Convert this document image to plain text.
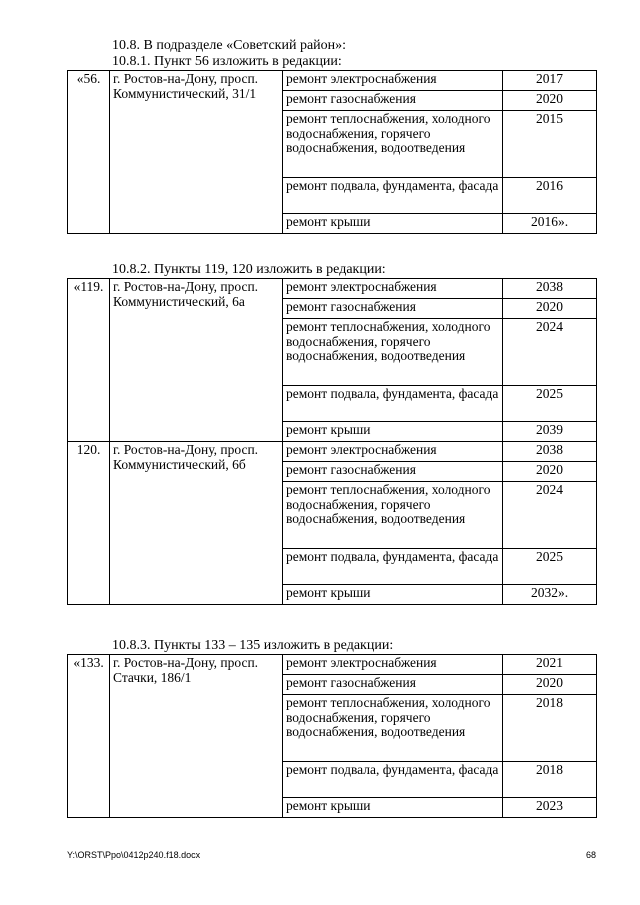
10.8. В подразделе «Советский район»:
10.8.1. Пункт 56 изложить в редакции:
«56.	г. Ростов-на-Дону, просп. Коммунистический, 31/1	ремонт электроснабжения	2017
		ремонт газоснабжения	2020
		ремонт теплоснабжения, холодного водоснабжения, горячего водоснабжения, водоотведения	2015
		ремонт подвала, фундамента, фасада	2016
		ремонт крыши	2016».
10.8.2. Пункты 119, 120 изложить в редакции:
«119.	г. Ростов-на-Дону, просп. Коммунистический, 6а	ремонт электроснабжения	2038
		ремонт газоснабжения	2020
		ремонт теплоснабжения, холодного водоснабжения, горячего водоснабжения, водоотведения	2024
		ремонт подвала, фундамента, фасада	2025
		ремонт крыши	2039
120.	г. Ростов-на-Дону, просп. Коммунистический, 6б	ремонт электроснабжения	2038
		ремонт газоснабжения	2020
		ремонт теплоснабжения, холодного водоснабжения, горячего водоснабжения, водоотведения	2024
		ремонт подвала, фундамента, фасада	2025
		ремонт крыши	2032».
10.8.3. Пункты 133 – 135 изложить в редакции:
«133.	г. Ростов-на-Дону, просп. Стачки, 186/1	ремонт электроснабжения	2021
		ремонт газоснабжения	2020
		ремонт теплоснабжения, холодного водоснабжения, горячего водоснабжения, водоотведения	2018
		ремонт подвала, фундамента, фасада	2018
		ремонт крыши	2023
Y:\ORST\Ppo\0412p240.f18.docx	68
